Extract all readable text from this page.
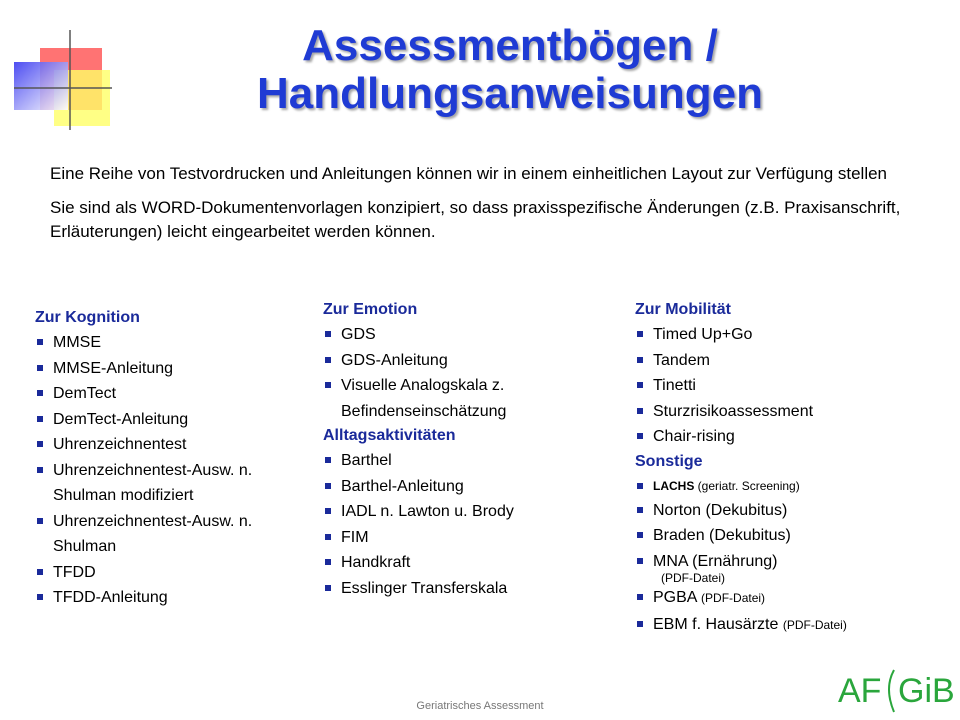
Assessmentbögen /
Handlungsanweisungen

Eine Reihe von Testvordrucken und Anleitungen können wir in einem einheitlichen Layout zur Verfügung stellen

Sie sind als WORD-Dokumentenvorlagen konzipiert, so dass praxisspezifische Änderungen (z.B. Praxisanschrift, Erläuterungen) leicht eingearbeitet werden können.

Zur Kognition
MMSE
MMSE-Anleitung
DemTect
DemTect-Anleitung
Uhrenzeichnentest
Uhrenzeichnentest-Ausw. n. Shulman modifiziert
Uhrenzeichnentest-Ausw. n. Shulman
TFDD
TFDD-Anleitung
Zur Emotion
GDS
GDS-Anleitung
Visuelle Analogskala z. Befindenseinschätzung
Alltagsaktivitäten
Barthel
Barthel-Anleitung
IADL n. Lawton u. Brody
FIM
Handkraft
Esslinger Transferskala
Zur Mobilität
Timed Up+Go
Tandem
Tinetti
Sturzrisikoassessment
Chair-rising
Sonstige
LACHS (geriatr. Screening)
Norton (Dekubitus)
Braden (Dekubitus)
MNA (Ernährung)
(PDF-Datei)
PGBA (PDF-Datei)
EBM f. Hausärzte (PDF-Datei)
Geriatrisches Assessment	AF GiB
